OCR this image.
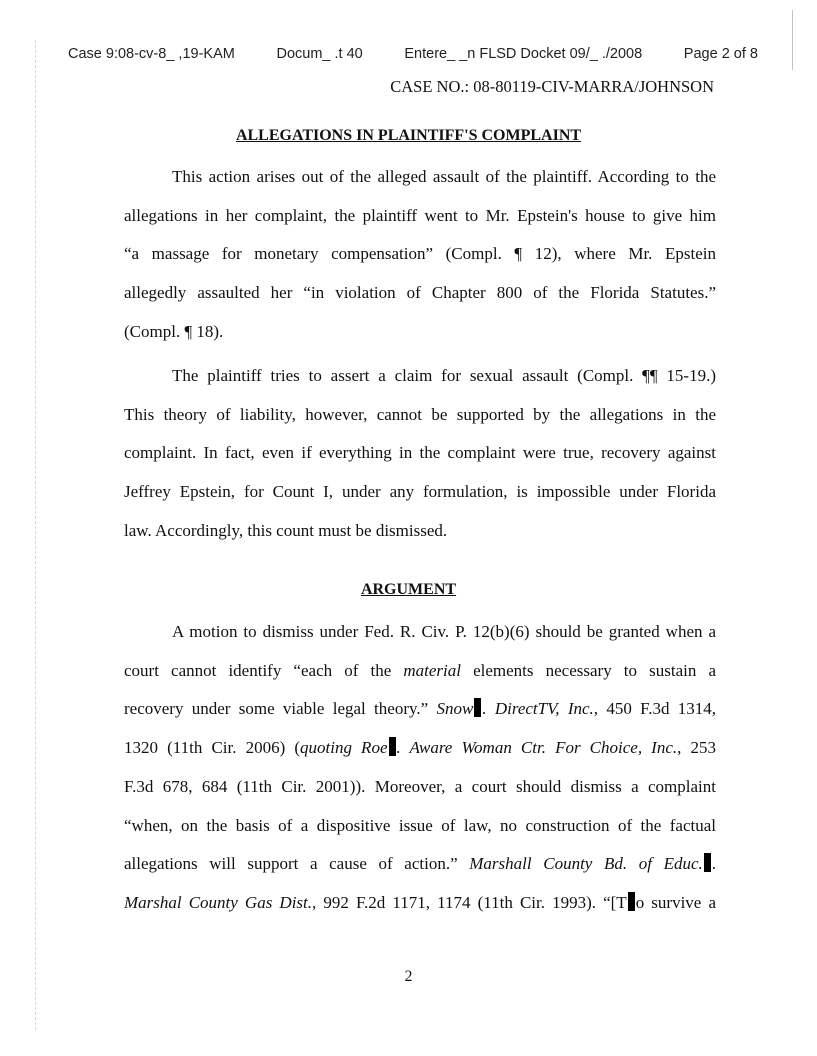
Case 9:08-cv-8_ ,19-KAM	Docum_ .t 40	Entere_ _n FLSD Docket 09/_ ./2008	Page 2 of 8
CASE NO.: 08-80119-CIV-MARRA/JOHNSON
ALLEGATIONS IN PLAINTIFF'S COMPLAINT
This action arises out of the alleged assault of the plaintiff. According to the
allegations in her complaint, the plaintiff went to Mr. Epstein's house to give him
“a massage for monetary compensation” (Compl. ¶ 12), where Mr. Epstein
allegedly assaulted her “in violation of Chapter 800 of the Florida Statutes.”
(Compl. ¶ 18).
The plaintiff tries to assert a claim for sexual assault (Compl. ¶¶ 15-19.)
This theory of liability, however, cannot be supported by the allegations in the
complaint. In fact, even if everything in the complaint were true, recovery against
Jeffrey Epstein, for Count I, under any formulation, is impossible under Florida
law. Accordingly, this count must be dismissed.
ARGUMENT
A motion to dismiss under Fed. R. Civ. P. 12(b)(6) should be granted when a
court cannot identify “each of the material elements necessary to sustain a
recovery under some viable legal theory.” Snow . DirectTV, Inc., 450 F.3d 1314,
1320 (11th Cir. 2006) (quoting Roe . Aware Woman Ctr. For Choice, Inc., 253
F.3d 678, 684 (11th Cir. 2001)). Moreover, a court should dismiss a complaint
“when, on the basis of a dispositive issue of law, no construction of the factual
allegations will support a cause of action.” Marshall County Bd. of Educ. .
Marshal County Gas Dist., 992 F.2d 1171, 1174 (11th Cir. 1993). “[T o survive a
2
